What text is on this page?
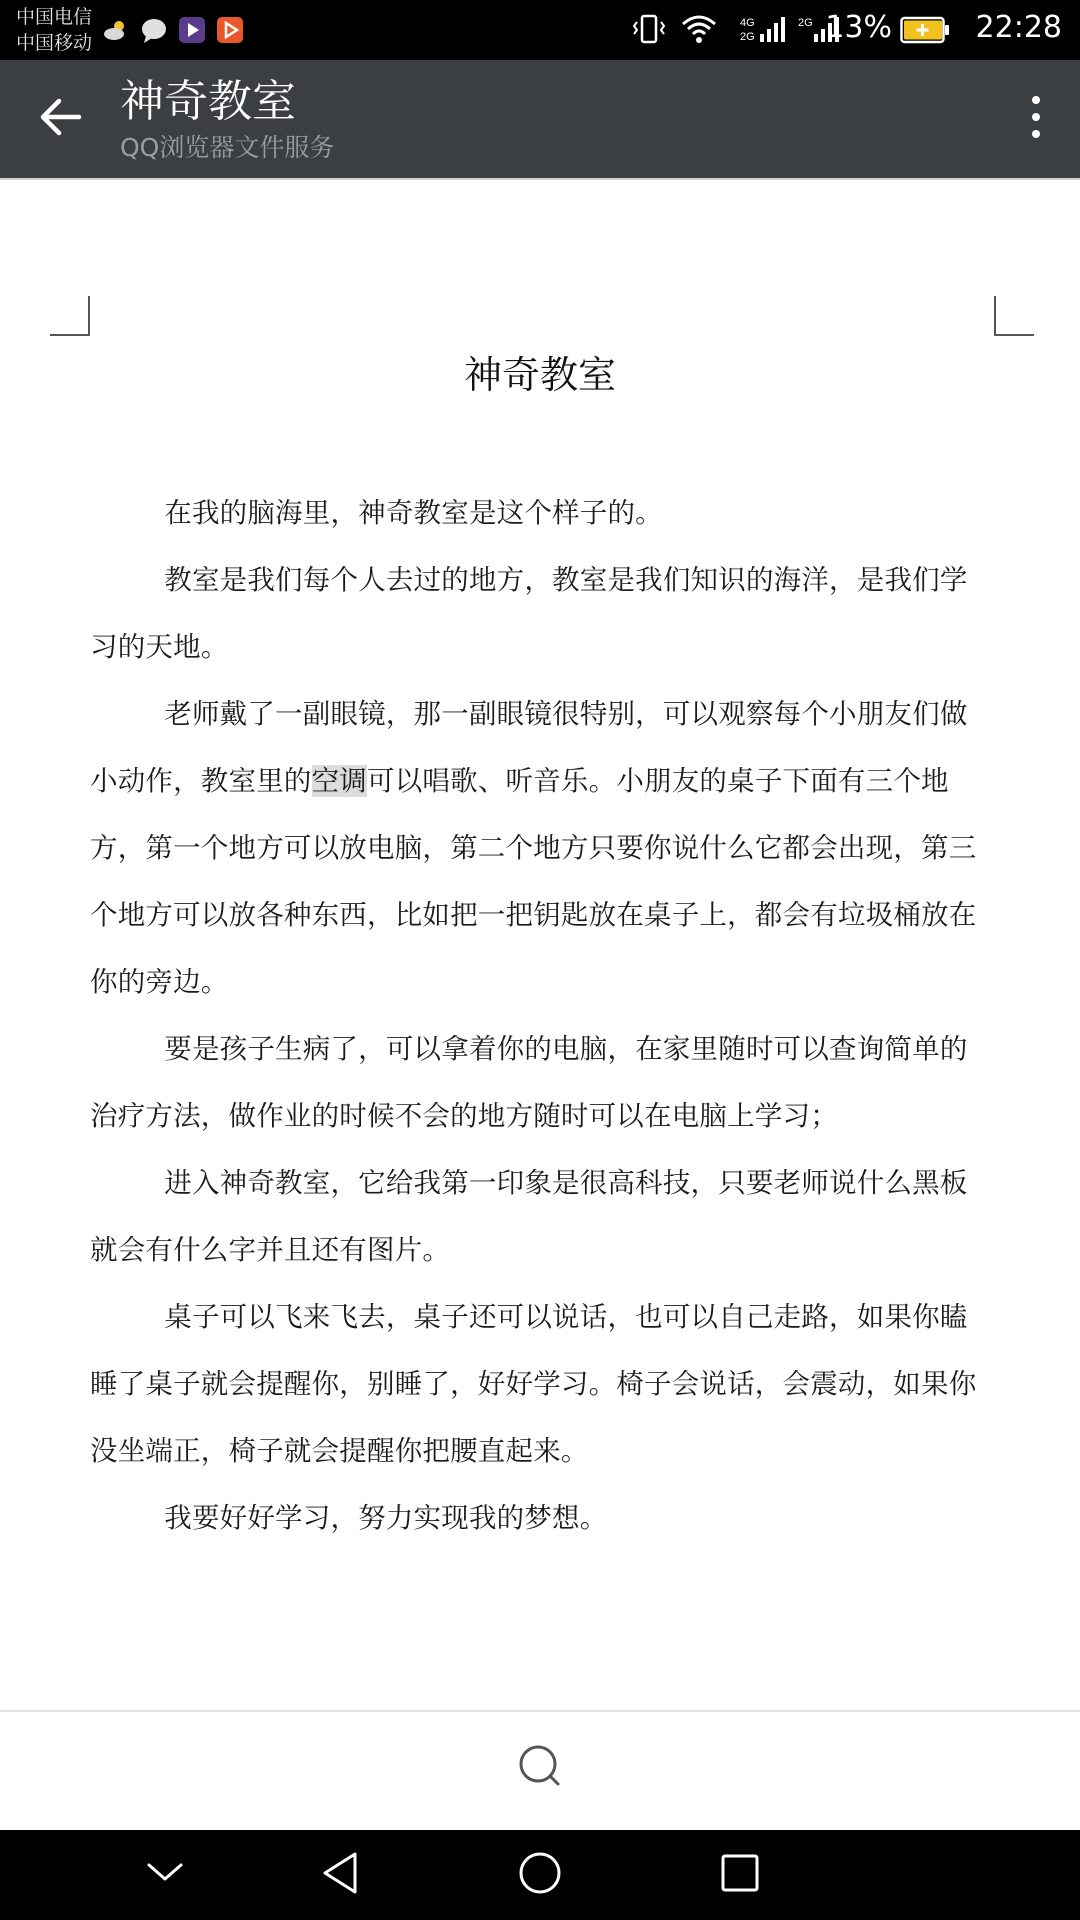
中国电信
中国移动
4G
2G
2G 13%	22:28
神奇教室
QQ浏览器文件服务
神奇教室

在我的脑海里，神奇教室是这个样子的。

教室是我们每个人去过的地方，教室是我们知识的海洋，是我们学习的天地。

老师戴了一副眼镜，那一副眼镜很特别，可以观察每个小朋友们做小动作，教室里的空调可以唱歌、听音乐。小朋友的桌子下面有三个地方，第一个地方可以放电脑，第二个地方只要你说什么它都会出现，第三个地方可以放各种东西，比如把一把钥匙放在桌子上，都会有垃圾桶放在你的旁边。

要是孩子生病了，可以拿着你的电脑，在家里随时可以查询简单的治疗方法，做作业的时候不会的地方随时可以在电脑上学习；

进入神奇教室，它给我第一印象是很高科技，只要老师说什么黑板就会有什么字并且还有图片。

桌子可以飞来飞去，桌子还可以说话，也可以自己走路，如果你瞌睡了桌子就会提醒你，别睡了，好好学习。椅子会说话，会震动，如果你没坐端正，椅子就会提醒你把腰直起来。

我要好好学习，努力实现我的梦想。
